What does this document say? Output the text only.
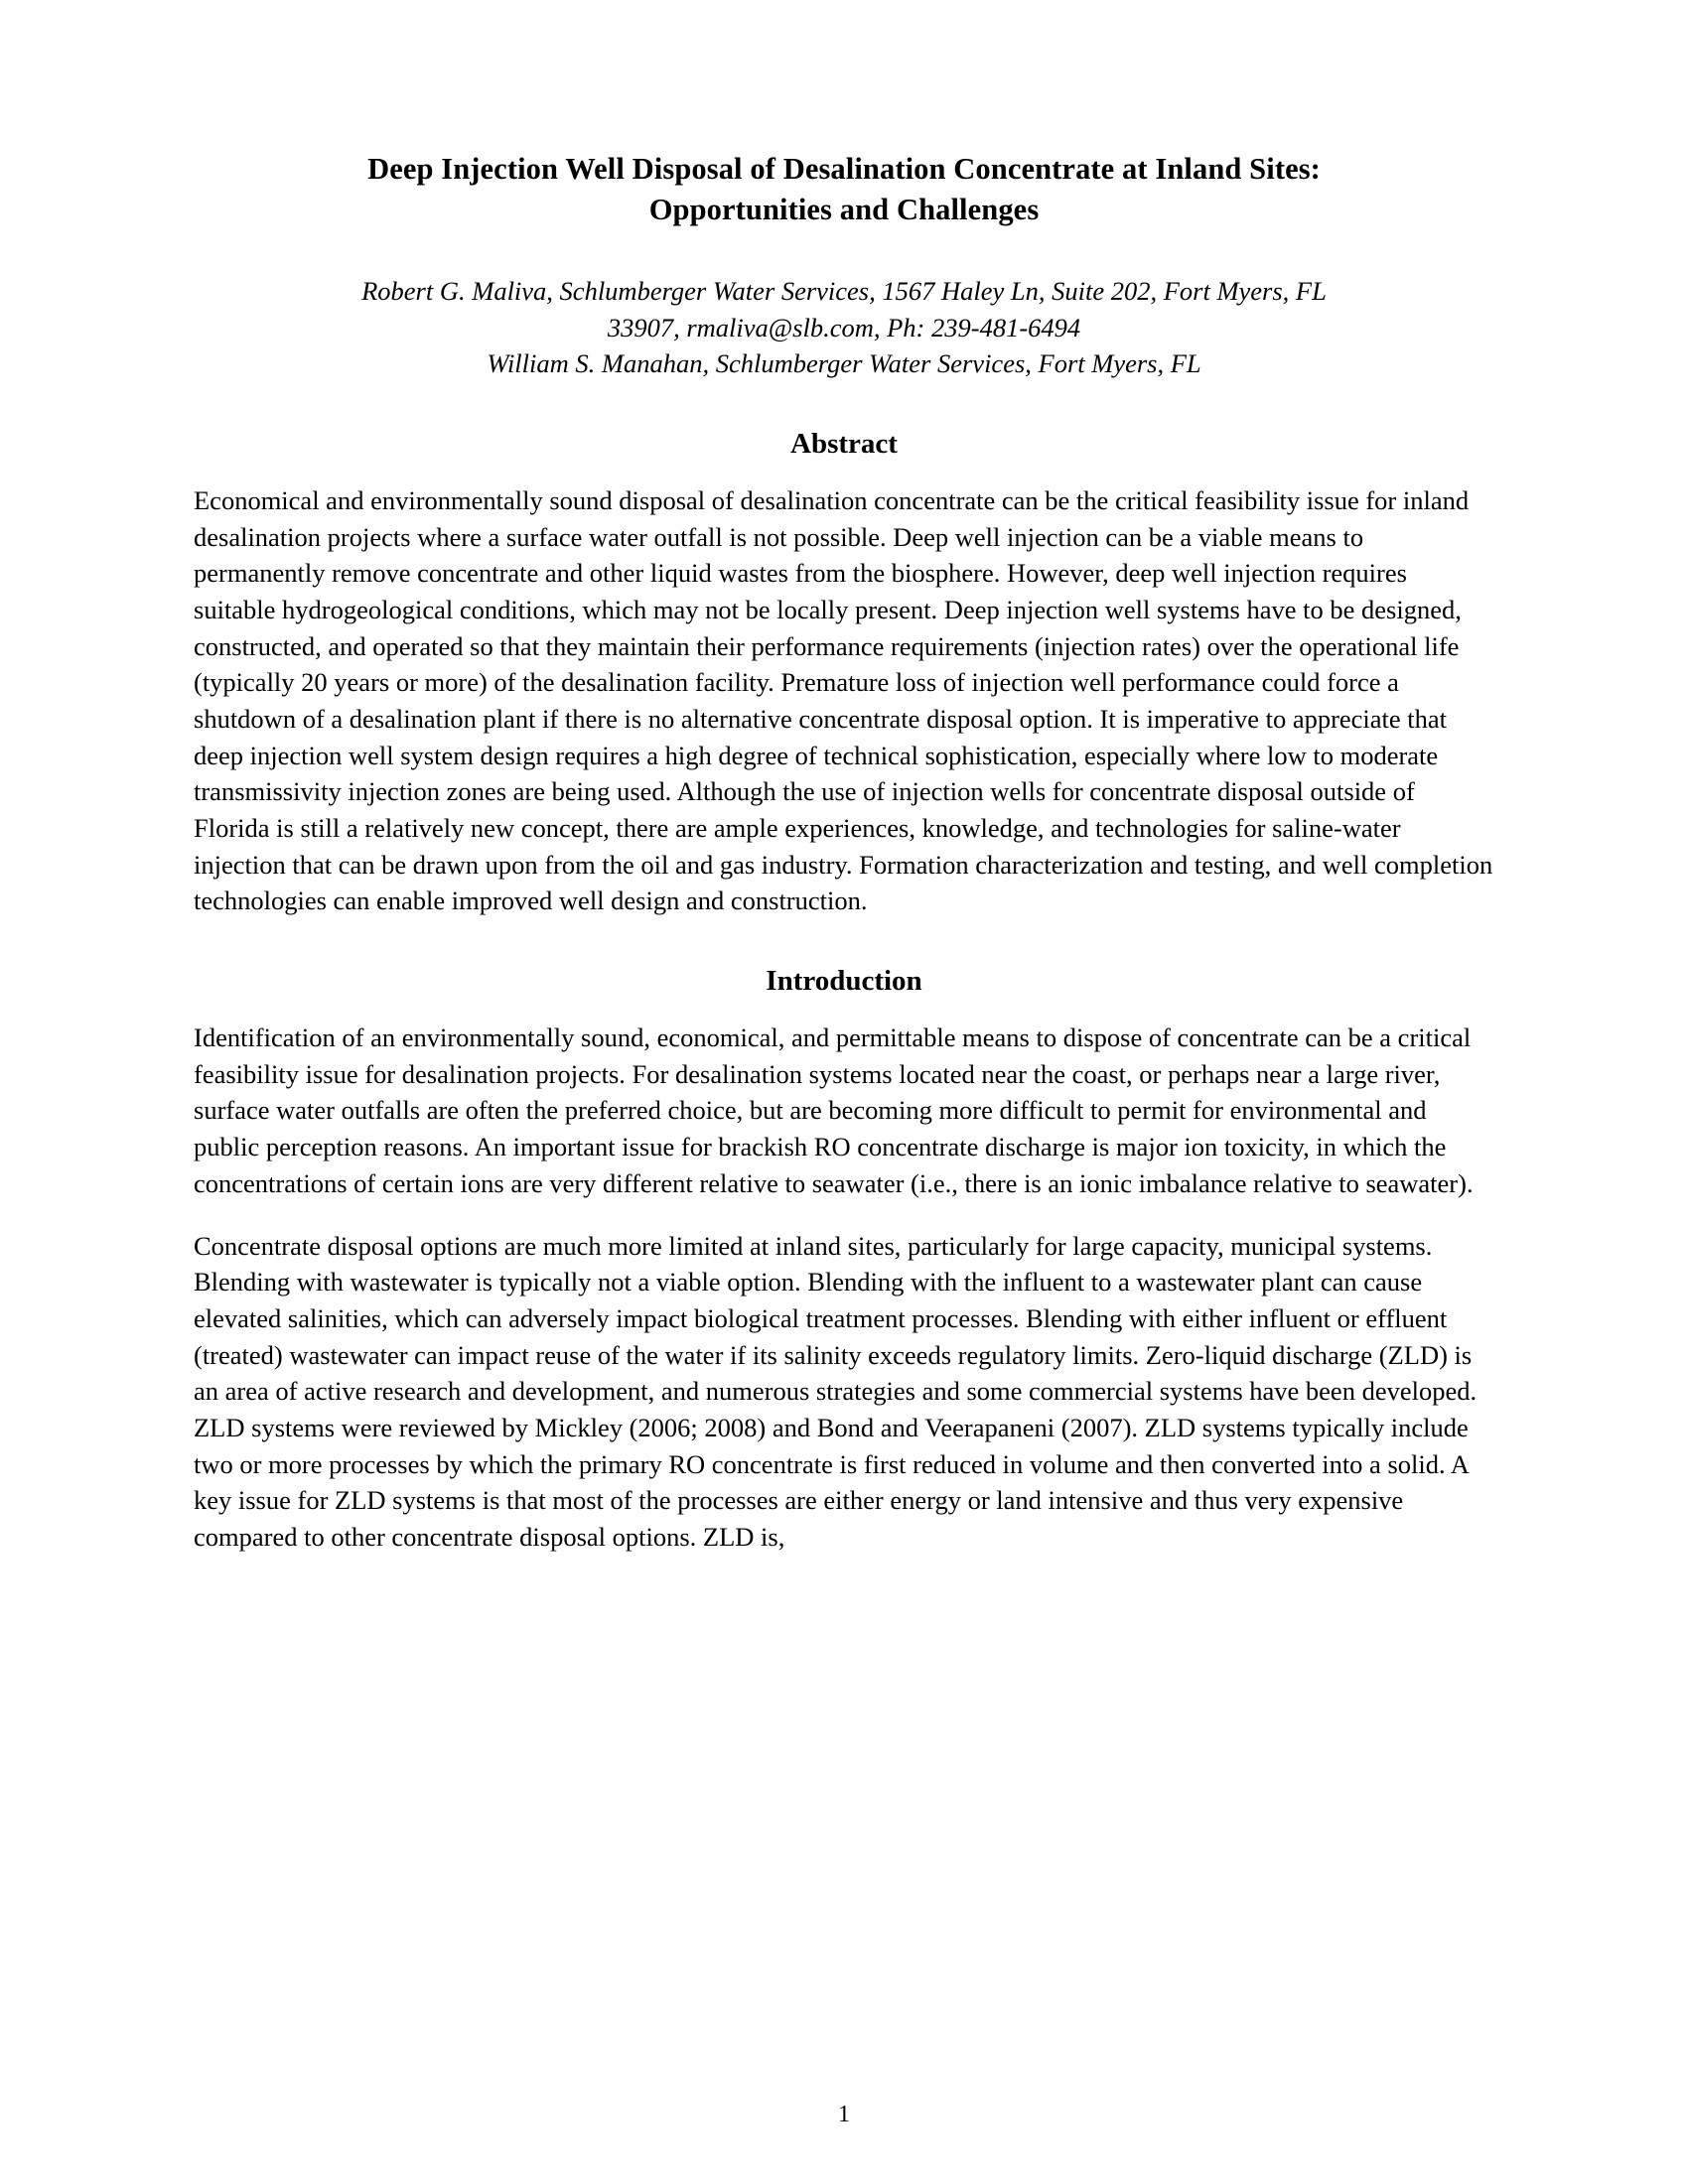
Deep Injection Well Disposal of Desalination Concentrate at Inland Sites:
Opportunities and Challenges
Robert G. Maliva, Schlumberger Water Services, 1567 Haley Ln, Suite 202, Fort Myers, FL
33907, rmaliva@slb.com, Ph: 239-481-6494
William S. Manahan, Schlumberger Water Services, Fort Myers, FL
Abstract

Economical and environmentally sound disposal of desalination concentrate can be the critical feasibility issue for inland desalination projects where a surface water outfall is not possible. Deep well injection can be a viable means to permanently remove concentrate and other liquid wastes from the biosphere. However, deep well injection requires suitable hydrogeological conditions, which may not be locally present. Deep injection well systems have to be designed, constructed, and operated so that they maintain their performance requirements (injection rates) over the operational life (typically 20 years or more) of the desalination facility. Premature loss of injection well performance could force a shutdown of a desalination plant if there is no alternative concentrate disposal option. It is imperative to appreciate that deep injection well system design requires a high degree of technical sophistication, especially where low to moderate transmissivity injection zones are being used. Although the use of injection wells for concentrate disposal outside of Florida is still a relatively new concept, there are ample experiences, knowledge, and technologies for saline-water injection that can be drawn upon from the oil and gas industry. Formation characterization and testing, and well completion technologies can enable improved well design and construction.

Introduction

Identification of an environmentally sound, economical, and permittable means to dispose of concentrate can be a critical feasibility issue for desalination projects. For desalination systems located near the coast, or perhaps near a large river, surface water outfalls are often the preferred choice, but are becoming more difficult to permit for environmental and public perception reasons. An important issue for brackish RO concentrate discharge is major ion toxicity, in which the concentrations of certain ions are very different relative to seawater (i.e., there is an ionic imbalance relative to seawater).

Concentrate disposal options are much more limited at inland sites, particularly for large capacity, municipal systems. Blending with wastewater is typically not a viable option. Blending with the influent to a wastewater plant can cause elevated salinities, which can adversely impact biological treatment processes. Blending with either influent or effluent (treated) wastewater can impact reuse of the water if its salinity exceeds regulatory limits. Zero-liquid discharge (ZLD) is an area of active research and development, and numerous strategies and some commercial systems have been developed. ZLD systems were reviewed by Mickley (2006; 2008) and Bond and Veerapaneni (2007). ZLD systems typically include two or more processes by which the primary RO concentrate is first reduced in volume and then converted into a solid. A key issue for ZLD systems is that most of the processes are either energy or land intensive and thus very expensive compared to other concentrate disposal options. ZLD is,

1
